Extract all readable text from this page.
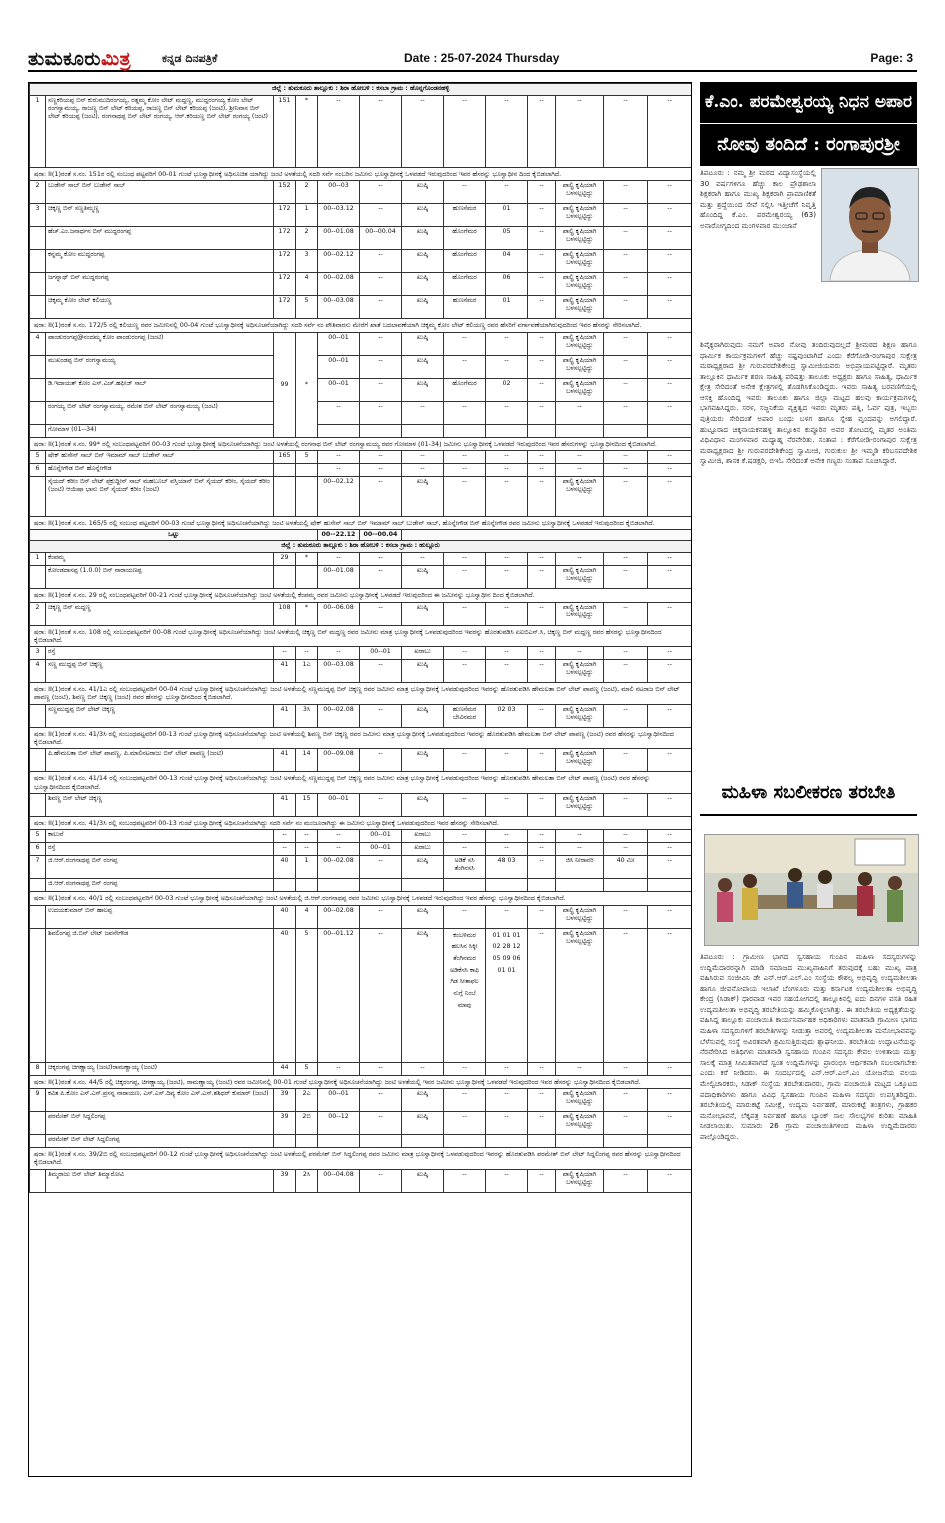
ತುಮಕೂರುಮಿತ್ರ	ಕನ್ನಡ ದಿನಪತ್ರಿಕೆ	Date : 25-07-2024 Thursday	Page: 3
ಜಿಲ್ಲೆ : ತುಮಕೂರು ತಾಲ್ಲೂಕು : ಶಿರಾ ಹೋಬಳಿ : ಕಸಬಾ ಗ್ರಾಮ : ಹೊನ್ನಗೊಂಡನಹಳ್ಳಿ												
1	ಸಣ್ಣಕರಿಯಪ್ಪ ಬಿನ್ ಕುರುಮುದಿರಂಗಯ್ಯ, ರತ್ನಮ್ಮ ಕೋಂ ಲೇಟ್ ಮದ್ದಣ್ಣ, ಮುದ್ದರಂಗಯ್ಯ ಕೋಂ ಲೇಟ್ ರಂಗಸ್ವಾಮಯ್ಯ, ರಾಜಣ್ಣ ಬಿನ್ ಲೇಟ್ ಕರಿಯಪ್ಪ, ರಾಜಣ್ಣ ಬಿನ್ ಲೇಟ್ ಕರಿಯಪ್ಪ (ಜಂಟಿ), ಶ್ರೀನಿವಾಸ ಬಿನ್ ಲೇಟ್ ಕರಿಯಪ್ಪ (ಜಂಟಿ), ರಂಗನಾಥಪ್ಪ ಬಿನ್ ಲೇಟ್ ರಂಗಯ್ಯ, ಆರ್.ಕರಿಯಣ್ಣ ಬಿನ್ ಲೇಟ್ ರಂಗಯ್ಯ (ಜಂಟಿ)	151	*	--	--	--	--	--	--	--	--	--
ಷರಾ: II(1)ರಂತೆ ಸ.ನಂ. 151ರ ರಲ್ಲಿ ಸಂಬಂಧ ಪಟ್ಟವರಿಗೆ 00-01 ಗುಂಟೆ ಭೂಸ್ವಾಧೀನಕ್ಕೆ ಅಧಿಸೂಚಿತ ಯಾಗಿದ್ದು ಜಂಟಿ ಅಳತೆಯಲ್ಲಿ ಸದರಿ ಸರ್ವೆ ನಂಬರಿನ ಜಮೀನು ಭೂಸ್ವಾಧೀನಕ್ಕೆ ಒಳಪಡದೆ ಇರುವುದರಿಂದ ಇವರ ಹೆಸರನ್ನು ಭೂಸ್ವಾಧೀನ ದಿಂದ ಕೈಬಿಡಲಾಗಿದೆ.												
2	ಬುಡೇನ್ ಸಾಬ್ ಬಿನ್ ಬುಡೇನ್ ಸಾಬ್	152	2	00--03	--	ಖುಷ್ಕಿ	--	--	--	ಪಾಲ್ಪ್ರಿ ಕೃಷಿಯಾಗಿ ಬಳಸಲ್ಪಟ್ಟಿದ್ದು	--	--
3	ಚಿಕ್ಕಣ್ಣ ಬಿನ್ ಸಣ್ಣತಿಮ್ಮಣ್ಣ	172	1	00--03.12	--	ಖುಷ್ಕಿ	ಹುಣಸೆಮರ	01	--	ಪಾಲ್ಪ್ರಿ ಕೃಷಿಯಾಗಿ ಬಳಸಲ್ಪಟ್ಟಿದ್ದು	--	--
	ಹೆಚ್.ಎಂ.ಜನಾರ್ಧನ ಬಿನ್ ಮುದ್ದರಂಗಪ್ಪ	172	2	00--01.08	00--00.04	ಖುಷ್ಕಿ	ಹೊಂಗೆಮರ	05	--	ಪಾಲ್ಪ್ರಿ ಕೃಷಿಯಾಗಿ ಬಳಸಲ್ಪಟ್ಟಿದ್ದು	--	--
	ಕನ್ನಮ್ಮ ಕೋಂ ಮುದ್ದರಂಗಪ್ಪ	172	3	00--02.12	--	ಖುಷ್ಕಿ	ಹೊಂಗೆಮರ	04	--	ಪಾಲ್ಪ್ರಿ ಕೃಷಿಯಾಗಿ ಬಳಸಲ್ಪಟ್ಟಿದ್ದು	--	--
	ಜಗನ್ನಾಥ್ ಬಿನ್ ಮುದ್ದರಂಗಪ್ಪ	172	4	00--02.08	--	ಖುಷ್ಕಿ	ಹೊಂಗೆಮರ	06	--	ಪಾಲ್ಪ್ರಿ ಕೃಷಿಯಾಗಿ ಬಳಸಲ್ಪಟ್ಟಿದ್ದು	--	--
	ಚಿಕ್ಕಮ್ಮ ಕೋಂ ಲೇಟ್ ಕಲಿಯಣ್ಣ	172	5	00--03.08	--	ಖುಷ್ಕಿ	ಹುಣಸೆಮರ	01	--	ಪಾಲ್ಪ್ರಿ ಕೃಷಿಯಾಗಿ ಬಳಸಲ್ಪಟ್ಟಿದ್ದು	--	--
ಷರಾ: II(1)ರಂತೆ ಸ.ನಂ. 172/5 ರಲ್ಲಿ ಕಲಿಯಣ್ಣ ರವರ ಜಮೀನಿನಲ್ಲಿ 00-04 ಗುಂಟೆ ಭೂಸ್ವಾಧೀನಕ್ಕೆ ಅಧಿಸೂಚನೆಯಾಗಿದ್ದು ಸದರಿ ಸರ್ವೆ ನಂ ಪೌತಿವಾರಸು ಮೇರೆಗೆ ಖಾತೆ ಬದಲಾವಣೆಯಾಗಿ ಚಿಕ್ಕಮ್ಮ ಕೋಂ ಲೇಟ್ ಕಲಿಯಣ್ಣ ರವರ ಹೆಸರಿಗೆ ವರ್ಗಾವಣೆಯಾಗಿರುವುದರಿಂದ ಇವರ ಹೆಸರನ್ನು ಸೇರಿಸಲಾಗಿದೆ.												
4	ಪಾಂಡುರಂಗಪ್ಪ@ನಂದಮ್ಮ ಕೋಂ ಪಾಂಡುರಂಗಪ್ಪ (ಜಂಟಿ)	99	*	00--01	--	ಖುಷ್ಕಿ	--	--	--	ಪಾಲ್ಪ್ರಿ ಕೃಷಿಯಾಗಿ ಬಳಸಲ್ಪಟ್ಟಿದ್ದು	--	--
	ಮುಖಂಡಪ್ಪ ಬಿನ್ ರಂಗಸ್ವಾಮಯ್ಯ			00--01	--	ಖುಷ್ಕಿ	--	--	--	ಪಾಲ್ಪ್ರಿ ಕೃಷಿಯಾಗಿ ಬಳಸಲ್ಪಟ್ಟಿದ್ದು	--	--
	ಡಿ.ಇದಾಯತ್ ಕೋಂ ಎಸ್.ಎಚ್.ಹಫೀಜ್ ಸಾಬ್			00--01	--	ಖುಷ್ಕಿ	ಹೊಂಗೆಮರ	02	--	ಪಾಲ್ಪ್ರಿ ಕೃಷಿಯಾಗಿ ಬಳಸಲ್ಪಟ್ಟಿದ್ದು	--	--
	ರಂಗಯ್ಯ ಬಿನ್ ಲೇಟ್ ರಂಗಸ್ವಾಮಯ್ಯ, ರಮೇಶ ಬಿನ್ ಲೇಟ್ ರಂಗಸ್ವಾಮಯ್ಯ (ಜಂಟಿ)			--	--	--	--	--	--	--	--	--
	ಗೋಮಾಳ (01--34)											
ಷರಾ: II(1)ರಂತೆ ಸ.ನಂ. 99* ರಲ್ಲಿ ಸಂಬಂಧಪಟ್ಟವರಿಗೆ 00-03 ಗುಂಟೆ ಭೂಸ್ವಾಧೀನಕ್ಕೆ ಅಧಿಸೂಚನೆಯಾಗಿದ್ದು ಜಂಟಿ ಅಳತೆಯಲ್ಲಿ ರಂಗನಾಥ ಬಿನ್ ಲೇಟ್ ರಂಗಸ್ವಾಮಯ್ಯ ರವರ ಗೋಮಾಳ (01-34) ಜಮೀನು ಭೂಸ್ವಾಧೀನಕ್ಕೆ ಒಳಪಡದೆ ಇರುವುದರಿಂದ ಇವರ ಹೆಸರುಗಳನ್ನು ಭೂಸ್ವಾಧೀನದಿಂದ ಕೈಬಿಡಲಾಗಿದೆ.												
5	ಷೇಕ್ ಹುಸೇನ್ ಸಾಬ್ ಬಿನ್ ಇಮಾಮ್ ಸಾಬ್ ಬುಡೇನ್ ಸಾಬ್	165	5	--	--	--	--	--	--	--	--	--
6	ಹೊನ್ನೇಗೌಡ ಬಿನ್ ಹೊನ್ನೇಗೌಡ			--	--	--	--	--	--	--	--	--
	ಸೈಯದ್ ಕರೀಂ ಬಿನ್ ಲೇಟ್ ಫಕ್ರುದ್ದೀನ್ ಸಾಬ್ ಮಹಬೂಬ್ ವಸ್ತಿಯಾನ್ ಬಿನ್ ಸೈಯದ್ ಕರೀಂ, ಸೈಯದ್ ಕರೀಂ (ಜಂಟಿ) ಆಯಿಷಾ ಭಾನು ಬಿನ್ ಸೈಯದ್ ಕರೀಂ (ಜಂಟಿ)			00--02.12	--	ಖುಷ್ಕಿ	--	--	--	ಪಾಲ್ಪ್ರಿ ಕೃಷಿಯಾಗಿ ಬಳಸಲ್ಪಟ್ಟಿದ್ದು	--	--
ಷರಾ: II(1)ರಂತೆ ಸ.ನಂ. 165/5 ರಲ್ಲಿ ಸಂಬಂಧ ಪಟ್ಟವರಿಗೆ 00-03 ಗುಂಟೆ ಭೂಸ್ವಾಧೀನಕ್ಕೆ ಅಧಿಸೂಚನೆಯಾಗಿದ್ದು ಜಂಟಿ ಅಳತೆಯಲ್ಲಿ ಷೇಕ್ ಹುಸೇನ್ ಸಾಬ್ ಬಿನ್ ಇಮಾಮ್ ಸಾಬ್ ಬುಡೇನ್ ಸಾಬ್, ಹೊನ್ನೇಗೌಡ ಬಿನ್ ಹೊನ್ನೇಗೌಡ ರವರ ಜಮೀನು ಭೂಸ್ವಾಧೀನಕ್ಕೆ ಒಳಪಡದೆ ಇರುವುದರಿಂದ ಕೈಬಿಡಲಾಗಿದೆ.												
ಒಟ್ಟು				00--22.12	00--00.04							
ಜಿಲ್ಲೆ : ತುಮಕೂರು ತಾಲ್ಲೂಕು : ಶಿರಾ ಹೋಬಳಿ : ಕಸಬಾ ಗ್ರಾಮ : ಹುಲ್ಲೂರು												
1	ಕೆಂಪಮ್ಮ	29	*	--	--	--	--	--	--	--	--	--
	ಕೋಂಡದಾಸಪ್ಪ (1.0.0) ಬಿನ್ ನಾರಾಯಣಪ್ಪ			00--01.08	--	ಖುಷ್ಕಿ	--	--	--	ಪಾಲ್ಪ್ರಿ ಕೃಷಿಯಾಗಿ ಬಳಸಲ್ಪಟ್ಟಿದ್ದು	--	--
ಷರಾ: II(1)ರಂತೆ ಸ.ನಂ. 29 ರಲ್ಲಿ ಸಂಬಂಧಪಟ್ಟವರಿಗೆ 00-21 ಗುಂಟೆ ಭೂಸ್ವಾಧೀನಕ್ಕೆ ಅಧಿಸೂಚನೆಯಾಗಿದ್ದು ಜಂಟಿ ಅಳತೆಯಲ್ಲಿ ಕೆಂಪಮ್ಮ ರವರ ಜಮೀನು ಭೂಸ್ವಾಧೀನಕ್ಕೆ ಒಳಪಡದೆ ಇರುವುದರಿಂದ ಈ ಜಮೀನನ್ನು ಭೂಸ್ವಾಧೀನ ದಿಂದ ಕೈಬಿಡಲಾಗಿದೆ.												
2	ಚಿಕ್ಕಣ್ಣ ಬಿನ್ ಮದ್ದಣ್ಣ	108	*	00--06.08	--	ಖುಷ್ಕಿ	--	--	--	ಪಾಲ್ಪ್ರಿ ಕೃಷಿಯಾಗಿ ಬಳಸಲ್ಪಟ್ಟಿದ್ದು	--	--
ಷರಾ: II(1)ರಂತೆ ಸ.ನಂ. 108 ರಲ್ಲಿ ಸಂಬಂಧಪಟ್ಟವರಿಗೆ 00-08 ಗುಂಟೆ ಭೂಸ್ವಾಧೀನಕ್ಕೆ ಅಧಿಸೂಚನೆಯಾಗಿದ್ದು ಜಂಟಿ ಅಳತೆಯಲ್ಲಿ ಚಿಕ್ಕಣ್ಣ ಬಿನ್ ಮದ್ದಣ್ಣ ರವರ ಜಮೀನು ಮಾತ್ರ ಭೂಸ್ವಾಧೀನಕ್ಕೆ ಒಳಪಡುವುದರಿಂದ ಇವರನ್ನು ಹೊರತುಪಡಿಸಿ ಏಐಬಿಎಸ್.ಸಿ, ಚಿಕ್ಕಣ್ಣ ಬಿನ್ ಮದ್ದಣ್ಣ ರವರ ಹೆಸರನ್ನು ಭೂಸ್ವಾಧೀನದಿಂದ ಕೈಬಿಡಲಾಗಿದೆ.												
3	ರಸ್ತೆ	--	--	--	00--01	ಖರಾಬು	--	--	--	--	--	--
4	ಸಣ್ಣ ಮುದ್ದಪ್ಪ ಬಿನ್ ಚಿಕ್ಕಣ್ಣ	41	1ಎ	00--03.08	--	ಖುಷ್ಕಿ	--	--	--	ಪಾಲ್ಪ್ರಿ ಕೃಷಿಯಾಗಿ ಬಳಸಲ್ಪಟ್ಟಿದ್ದು	--	--
ಷರಾ: II(1)ರಂತೆ ಸ.ನಂ. 41/1ಎ ರಲ್ಲಿ ಸಂಬಂಧಪಟ್ಟವರಿಗೆ 00-04 ಗುಂಟೆ ಭೂಸ್ವಾಧೀನಕ್ಕೆ ಅಧಿಸೂಚನೆಯಾಗಿದ್ದು ಜಂಟಿ ಅಳತೆಯಲ್ಲಿ ಸಣ್ಣಮುದ್ದಪ್ಪ ಬಿನ್ ಚಿಕ್ಕಣ್ಣ ರವರ ಜಮೀನು ಮಾತ್ರ ಭೂಸ್ವಾಧೀನಕ್ಕೆ ಒಳಪಡುವುದರಿಂದ ಇವರನ್ನು ಹೊರತುಪಡಿಸಿ ಹೇಮಲತಾ ಬಿನ್ ಲೇಟ್ ಪಾಪಣ್ಣ (ಜಂಟಿ), ಮಾಲಿ ನಟರಾಜ ಬಿನ್ ಲೇಟ್ ಪಾಪಣ್ಣ (ಜಂಟಿ), ಶಿವಣ್ಣ ಬಿನ್ ಚಿಕ್ಕಣ್ಣ (ಜಂಟಿ) ರವರ ಹೆಸರನ್ನು ಭೂಸ್ವಾಧೀನದಿಂದ ಕೈಬಿಡಲಾಗಿದೆ.												
	ಸಣ್ಣಮುದ್ದಪ್ಪ ಬಿನ್ ಲೇಟ್ ಚಿಕ್ಕಣ್ಣ	41	3ಸಿ	00--02.08	--	ಖುಷ್ಕಿ	ಹುಣಸೆಮರ ಬೇವಿನಮರ	02 03	--	ಪಾಲ್ಪ್ರಿ ಕೃಷಿಯಾಗಿ ಬಳಸಲ್ಪಟ್ಟಿದ್ದು	--	--
ಷರಾ: II(1)ರಂತೆ ಸ.ನಂ. 41/3ಸಿ ರಲ್ಲಿ ಸಂಬಂಧಪಟ್ಟವರಿಗೆ 00-13 ಗುಂಟೆ ಭೂಸ್ವಾಧೀನಕ್ಕೆ ಅಧಿಸೂಚನೆಯಾಗಿದ್ದು ಜಂಟಿ ಅಳತೆಯಲ್ಲಿ ಶಿವಣ್ಣ ಬಿನ್ ಚಿಕ್ಕಣ್ಣ ರವರ ಜಮೀನು ಮಾತ್ರ ಭೂಸ್ವಾಧೀನಕ್ಕೆ ಒಳಪಡುವುದರಿಂದ ಇವರನ್ನು ಹೊರತುಪಡಿಸಿ ಹೇಮಲತಾ ಬಿನ್ ಲೇಟ್ ಪಾಪಣ್ಣ (ಜಂಟಿ) ರವರ ಹೆಸರನ್ನು ಭೂಸ್ವಾಧೀನದಿಂದ ಕೈಬಿಡಲಾಗಿದೆ.												
	ಪಿ.ಹೇಮಲತಾ ಬಿನ್ ಲೇಟ್ ಪಾಪಣ್ಣ, ಪಿ.ಮಾಲಿನಟರಾಜು ಬಿನ್ ಲೇಟ್ ಪಾಪಣ್ಣ (ಜಂಟಿ)	41	14	00--09.08	--	ಖುಷ್ಕಿ	--	--	--	ಪಾಲ್ಪ್ರಿ ಕೃಷಿಯಾಗಿ ಬಳಸಲ್ಪಟ್ಟಿದ್ದು	--	--
ಷರಾ: II(1)ರಂತೆ ಸ.ನಂ. 41/14 ರಲ್ಲಿ ಸಂಬಂಧಪಟ್ಟವರಿಗೆ 00-13 ಗುಂಟೆ ಭೂಸ್ವಾಧೀನಕ್ಕೆ ಅಧಿಸೂಚನೆಯಾಗಿದ್ದು ಜಂಟಿ ಅಳತೆಯಲ್ಲಿ ಸಣ್ಣಮುದ್ದಪ್ಪ ಬಿನ್ ಚಿಕ್ಕಣ್ಣ ರವರ ಜಮೀನು ಮಾತ್ರ ಭೂಸ್ವಾಧೀನಕ್ಕೆ ಒಳಪಡುವುದರಿಂದ ಇವರನ್ನು ಹೊರತುಪಡಿಸಿ ಹೇಮಲತಾ ಬಿನ್ ಲೇಟ್ ಪಾಪಣ್ಣ (ಜಂಟಿ) ರವರ ಹೆಸರನ್ನು ಭೂಸ್ವಾಧೀನದಿಂದ ಕೈಬಿಡಲಾಗಿದೆ.												
	ಶಿವಣ್ಣ ಬಿನ್ ಲೇಟ್ ಚಿಕ್ಕಣ್ಣ	41	15	00--01	--	ಖುಷ್ಕಿ	--	--	--	ಪಾಲ್ಪ್ರಿ ಕೃಷಿಯಾಗಿ ಬಳಸಲ್ಪಟ್ಟಿದ್ದು	--	--
ಷರಾ: II(1)ರಂತೆ ಸ.ನಂ. 41/3ಸಿ ರಲ್ಲಿ ಸಂಬಂಧಪಟ್ಟವರಿಗೆ 00-13 ಗುಂಟೆ ಭೂಸ್ವಾಧೀನಕ್ಕೆ ಅಧಿಸೂಚನೆಯಾಗಿದ್ದು ಸದರಿ ಸರ್ವೆ ನಂ ಮಂಜೂರಾಗಿದ್ದು ಈ ಜಮೀನು ಭೂಸ್ವಾಧೀನಕ್ಕೆ ಒಳಪಡುವುದರಿಂದ ಇವರ ಹೆಸರನ್ನು ಸೇರಿಸಲಾಗಿದೆ.												
5	ಕಾಲುವೆ	--	--	--	00--01	ಖರಾಬು	--	--	--	--	--	--
6	ರಸ್ತೆ	--	--	--	00--01	ಖರಾಬು	--	--	--	--	--	--
7	ಜಿ.ಆರ್.ರಂಗನಾಥಪ್ಪ ಬಿನ್ ರಂಗಪ್ಪ	40	1	00--02.08	--	ಖುಷ್ಕಿ	ಅಡಿಕೆ ಸಸಿ ತೆಂಗಿನಸಸಿ	48 03	--	ಜಿಸಿ ನೀರಾವರಿ	40 ಮೀ	--
	ಜಿ.ಆರ್.ರಂಗನಾಥಪ್ಪ ಬಿನ್ ರಂಗಪ್ಪ											
ಷರಾ: II(1)ರಂತೆ ಸ.ನಂ. 40/1 ರಲ್ಲಿ ಸಂಬಂಧಪಟ್ಟವರಿಗೆ 00-03 ಗುಂಟೆ ಭೂಸ್ವಾಧೀನಕ್ಕೆ ಅಧಿಸೂಚನೆಯಾಗಿದ್ದು ಜಂಟಿ ಅಳತೆಯಲ್ಲಿ ಜಿ.ಆರ್.ರಂಗನಾಥಪ್ಪ ರವರ ಜಮೀನು ಭೂಸ್ವಾಧೀನಕ್ಕೆ ಒಳಪಡದೆ ಇರುವುದರಿಂದ ಇವರ ಹೆಸರನ್ನು ಭೂಸ್ವಾಧೀನದಿಂದ ಕೈಬಿಡಲಾಗಿದೆ.												
	ಉದಯಕುಮಾರ್ ಬಿನ್ ಹಾಲಪ್ಪ	40	4	00--02.08	--	ಖುಷ್ಕಿ	--	--	--	ಪಾಲ್ಪ್ರಿ ಕೃಷಿಯಾಗಿ ಬಳಸಲ್ಪಟ್ಟಿದ್ದು	--	--
	ಶಿವಲಿಂಗಪ್ಪ ಜಿ.ಬಿನ್ ಲೇಟ್ ಜವನೇಗೌಡ	40	5	00--01.12	--	ಖುಷ್ಕಿ	ಕಂಬಳಿಮರ ಹಲಸಿನ ಸಿಕ್ಕೀ ತೆಂಗಿನಮರ ಅಡಿಕೆಸಸಿ ಕಾಫಿ ಗಿಡ ಸೀತಾಫಲ ನುಗ್ಗೆ ನಿಂಬೆ ಮಾವು	01 01 01 02 28 12 05 09 06 01 01	--	ಪಾಲ್ಪ್ರಿ ಕೃಷಿಯಾಗಿ ಬಳಸಲ್ಪಟ್ಟಿದ್ದು	--	--
8	ಚಿಕ್ಕರಂಗಪ್ಪ ಚಿಗಣ್ಣಾಯ್ಯ (ಜಂಟಿ)ರಾಮಣ್ಣಾಯ್ಯ (ಜಂಟಿ)	44	5	--	--	--	--	--	--	--	--	--
ಷರಾ: II(1)ರಂತೆ ಸ.ನಂ. 44/5 ರಲ್ಲಿ ಚಿಕ್ಕರಂಗಪ್ಪ, ಚಿಗಣ್ಣಾಯ್ಯ (ಜಂಟಿ), ರಾಮಣ್ಣಾಯ್ಯ (ಜಂಟಿ) ರವರ ಜಮೀನಿನಲ್ಲಿ 00-01 ಗುಂಟೆ ಭೂಸ್ವಾಧೀನಕ್ಕೆ ಅಧಿಸೂಚನೆಯಾಗಿದ್ದು ಜಂಟಿ ಅಳತೆಯಲ್ಲಿ ಇವರ ಜಮೀನು ಭೂಸ್ವಾಧೀನಕ್ಕೆ ಒಳಪಡದೆ ಇರುವುದರಿಂದ ಇವರ ಹೆಸರನ್ನು ಭೂಸ್ವಾಧೀನದಿಂದ ಕೈಬಿಡಲಾಗಿದೆ.												
9	ಕವಿತ ಪಿ.ಕೋಂ ಎಸ್.ಎಸ್.ಪ್ರಸನ್ನ ನಾರಾಯಣ, ಎಸ್.ಎಸ್.ದಿವ್ಯ ಕೋಂ ಎಸ್.ಎಸ್.ಶಶಿಧರ್ ಕುಮಾರ್ (ಜಂಟಿ)	39	2ಎ	00--01	--	ಖುಷ್ಕಿ	--	--	--	ಪಾಲ್ಪ್ರಿ ಕೃಷಿಯಾಗಿ ಬಳಸಲ್ಪಟ್ಟಿದ್ದು	--	--
	ಪರಮೇಶ್ ಬಿನ್ ಸಿದ್ದಲಿಂಗಪ್ಪ	39	2ಬಿ	00--12	--	ಖುಷ್ಕಿ	--	--	--	ಪಾಲ್ಪ್ರಿ ಕೃಷಿಯಾಗಿ ಬಳಸಲ್ಪಟ್ಟಿದ್ದು	--	--
	ಪರಮೇಶ್ ಬಿನ್ ಲೇಟ್ ಸಿದ್ದಲಿಂಗಪ್ಪ											
ಷರಾ: II(1)ರಂತೆ ಸ.ನಂ. 39/2ಬಿ ರಲ್ಲಿ ಸಂಬಂಧಪಟ್ಟವರಿಗೆ 00-12 ಗುಂಟೆ ಭೂಸ್ವಾಧೀನಕ್ಕೆ ಅಧಿಸೂಚನೆಯಾಗಿದ್ದು ಜಂಟಿ ಅಳತೆಯಲ್ಲಿ ಪರಮೇಶ್ ಬಿನ್ ಸಿದ್ದಲಿಂಗಪ್ಪ ರವರ ಜಮೀನು ಮಾತ್ರ ಭೂಸ್ವಾಧೀನಕ್ಕೆ ಒಳಪಡುವುದರಿಂದ ಇವರನ್ನು ಹೊರತುಪಡಿಸಿ ಪರಮೇಶ್ ಬಿನ್ ಲೇಟ್ ಸಿದ್ದಲಿಂಗಪ್ಪ ರವರ ಹೆಸರನ್ನು ಭೂಸ್ವಾಧೀನದಿಂದ ಕೈಬಿಡಲಾಗಿದೆ.												
	ತಿಮ್ಮರಾಜು ಬಿನ್ ಲೇಟ್ ತಿಮ್ಮಾರೋವಿ	39	2ಸಿ	00--04.08	--	ಖುಷ್ಕಿ	--	--	--	ಪಾಲ್ಪ್ರಿ ಕೃಷಿಯಾಗಿ ಬಳಸಲ್ಪಟ್ಟಿದ್ದು	--	--
ಕೆ.ಎಂ. ಪರಮೇಶ್ವರಯ್ಯ ನಿಧನ ಅಪಾರ
ನೋವು ತಂದಿದೆ : ರಂಗಾಪುರಶ್ರೀ
ತಿಪಟೂರು : ನಮ್ಮ ಶ್ರೀ ಮಠದ ವಿದ್ಯಾಸಂಸ್ಥೆಯಲ್ಲಿ 30 ವರ್ಷಗಳಿಗೂ ಹೆಚ್ಚು ಕಾಲ ಪ್ರೌಢಶಾಲಾ ಶಿಕ್ಷಕರಾಗಿ ಹಾಗೂ ಮುಖ್ಯ ಶಿಕ್ಷಕರಾಗಿ ಪ್ರಾಮಾಣಿಕತೆ ಮತ್ತು ಶ್ರದ್ಧೆಯಿಂದ ಸೇವೆ ಸಲ್ಲಿಸಿ ಇತ್ತೀಚೆಗೆ ನಿವೃತ್ತಿ ಹೊಂದಿದ್ದ ಕೆ.ಎಂ. ಪರಮೇಶ್ವರಯ್ಯ (63) ಅನಾರೋಗ್ಯದಿಂದ ಮಂಗಳವಾರ ಮುಂಜಾನೆ
ಶಿವೈಕ್ಯರಾಗಿರುವುದು ನಮಗೆ ಅಪಾರ ನೋವು ತಂದಿರುವುದಲ್ಲದೆ ಶ್ರೀಮಠದ ಶಿಕ್ಷಣ ಹಾಗೂ ಧಾರ್ಮಿಕ ಕಾರ್ಯಕ್ರಮಗಳಿಗೆ ಹೆಚ್ಚು ನಷ್ಟವುಂಟಾಗಿದೆ ಎಂದು ಕೆರೆಗೋಡಿ-ರಂಗಾಪುರ ಸುಕ್ಷೇತ್ರ ಮಠಾಧ್ಯಕ್ಷರಾದ ಶ್ರೀ ಗುರುಪರದೇಶಿಕೇಂದ್ರ ಸ್ವಾಮೀಜಿಯವರು ಅಭಿಪ್ರಾಯಪಟ್ಟಿದ್ದಾರೆ. ಮೃತರು ತಾಲ್ಲೂಕಿನ ಧಾರ್ಮಿಕ ಶರಣ ಸಾಹಿತ್ಯ ಪರಿಷತ್ತು ತಾಲೂಕು ಅಧ್ಯಕ್ಷರು ಹಾಗೂ ಸಾಹಿತ್ಯ, ಧಾರ್ಮಿಕ ಕ್ಷೇತ್ರ ಸೇರಿದಂತೆ ಅನೇಕ ಕ್ಷೇತ್ರಗಳಲ್ಲಿ ತೊಡಗಿಸಿಕೊಂಡಿದ್ದರು. ಇವರು ಸಾಹಿತ್ಯ ಬರವಣಿಗೆಯಲ್ಲಿ ಆಸಕ್ತಿ ಹೊಂದಿದ್ದ ಇವರು ತಾಲೂಕು ಹಾಗೂ ಜಿಲ್ಲಾ ಮಟ್ಟದ ಹಲವು ಕಾರ್ಯಕ್ರಮಗಳಲ್ಲಿ ಭಾಗವಹಿಸಿದ್ದರು. ಸರಳ, ಸಜ್ಜನಿಕೆಯ ವ್ಯಕ್ತಿತ್ವದ ಇವರು ಮೃತರು ಪತ್ನಿ, ಓರ್ವ ಪುತ್ರ, ಇಬ್ಬರು ಪುತ್ರಿಯರು ಸೇರಿದಂತೆ ಅಪಾರ ಬಂಧು ಬಳಗ ಹಾಗೂ ಸ್ನೇಹ ವೃಂದವನ್ನು ಅಗಲಿದ್ದಾರೆ. ಹುಟ್ಟೂರಾದ ಚಿಕ್ಕನಾಯಕನಹಳ್ಳಿ ತಾಲ್ಲೂಕಿನ ಕುಪ್ಪೂರಿನ ಅವರ ತೋಟದಲ್ಲಿ ಮೃತರ ಅಂತಿಮ ವಿಧಿವಿಧಾನ ಮಂಗಳವಾರ ಮಧ್ಯಾಹ್ನ ನೆರವೇರಿತು. ಸಂತಾಪ : ಕೆರೆಗೋಡಿ-ರಂಗಾಪುರ ಸುಕ್ಷೇತ್ರ ಮಠಾಧ್ಯಕ್ಷರಾದ ಶ್ರೀ ಗುರುಪರದೇಶಿಕೇಂದ್ರ ಸ್ವಾಮೀಜಿ, ಗುರುಕುಲ ಶ್ರೀ ಇಮ್ಮಡಿ ಕರಿಬಸವದೇಶಿಕ ಸ್ವಾಮೀಜಿ, ಶಾಸಕ ಕೆ.ಷಡಕ್ಷರಿ, ಬಿಇಓ ಸೇರಿದಂತೆ ಅನೇಕ ಗಣ್ಯರು ಸಂತಾಪ ಸೂಚಿಸಿದ್ದಾರೆ.
ಮಹಿಳಾ ಸಬಲೀಕರಣ ತರಬೇತಿ
ತಿಪಟೂರು : ಗ್ರಾಮೀಣ ಭಾಗದ ಸ್ವಸಹಾಯ ಗುಂಪಿನ ಮಹಿಳಾ ಸದಸ್ಯರುಗಳನ್ನು ಉದ್ದಿಮೆದಾರರನ್ನಾಗಿ ಮಾಡಿ ಸಮಾಜದ ಮುಖ್ಯವಾಹಿನಿಗೆ ತರುವುದಕ್ಕೆ ಬಹು ಮುಖ್ಯ ಪಾತ್ರ ವಹಿಸಿರುವ ಸಂಜೀವಿನಿ ಡೇ ಎನ್.ಆರ್.ಎಲ್.ಎಂ ಸಂಸ್ಥೆಯ ಕೌಶಲ್ಯ ಅಭಿವೃದ್ಧಿ ಉದ್ಯಮಶೀಲತಾ ಹಾಗೂ ಜೀವನೋಪಾಯ ಇಲಾಖೆ ಬೆಂಗಳೂರು ಮತ್ತು ಕರ್ನಾಟಕ ಉದ್ಯಮಶೀಲತಾ ಅಭಿವೃದ್ಧಿ ಕೇಂದ್ರ (ಸಿಡಾಕ್) ಧಾರವಾಡ ಇವರ ಸಹಯೋಗದಲ್ಲಿ ತಾಲ್ಲೂಕಿನಲ್ಲಿ ಐದು ದಿನಗಳ ವಸತಿ ರಹಿತ ಉದ್ಯಮಶೀಲತಾ ಅಭಿವೃದ್ಧಿ ತರಬೇತಿಯನ್ನು ಹಮ್ಮಿಕೊಳ್ಳಲಾಗಿತ್ತು. ಈ ತರಬೇತಿಯ ಅಧ್ಯಕ್ಷತೆಯನ್ನು ವಹಿಸಿದ್ದ ತಾಲ್ಲೂಕು ಪಂಚಾಯಿತಿ ಕಾರ್ಯನಿರ್ವಾಹಕ ಅಧಿಕಾರಿಗಳು ಮಾತನಾಡಿ ಗ್ರಾಮೀಣ ಭಾಗದ ಮಹಿಳಾ ಸದಸ್ಯರುಗಳಿಗೆ ತರಬೇತಿಗಳನ್ನು ನೀಡುತ್ತಾ ಅವರಲ್ಲಿ ಉದ್ಯಮಶೀಲತಾ ಮನೋಭಾವವನ್ನು ಬೆಳೆಸುವಲ್ಲಿ ಸಂಸ್ಥೆ ಅವಿರತವಾಗಿ ಶ್ರಮಿಸುತ್ತಿರುವುದು ಶ್ಲಾಘನೀಯ. ತರಬೇತಿಯ ಉದ್ಘಾಟನೆಯನ್ನು ನೆರವೇರಿಸಿದ ಅತಿಥಿಗಳು ಮಾತನಾಡಿ ಸ್ವಸಹಾಯ ಗುಂಪಿನ ಸದಸ್ಯರು ಕೇವಲ ಉಳಿತಾಯ ಮತ್ತು ಸಾಲಕ್ಕೆ ಮಾತ್ರ ಸೀಮಿತವಾಗದೆ ಸ್ವಂತ ಉದ್ದಿಮೆಗಳನ್ನು ಪ್ರಾರಂಭಿಸಿ ಆರ್ಥಿಕವಾಗಿ ಸಬಲರಾಗಬೇಕು ಎಂದು ಕರೆ ನೀಡಿದರು. ಈ ಸಂದರ್ಭದಲ್ಲಿ ಎನ್.ಆರ್.ಎಲ್.ಎಂ ಯೋಜನೆಯ ವಲಯ ಮೇಲ್ವಿಚಾರಕರು, ಸಿಡಾಕ್ ಸಂಸ್ಥೆಯ ತರಬೇತುದಾರರು, ಗ್ರಾಮ ಪಂಚಾಯಿತಿ ಮಟ್ಟದ ಒಕ್ಕೂಟದ ಪದಾಧಿಕಾರಿಗಳು ಹಾಗೂ ವಿವಿಧ ಸ್ವಸಹಾಯ ಗುಂಪಿನ ಮಹಿಳಾ ಸದಸ್ಯರು ಉಪಸ್ಥಿತರಿದ್ದರು. ತರಬೇತಿಯಲ್ಲಿ ಮಾರುಕಟ್ಟೆ ಸಮೀಕ್ಷೆ, ಉದ್ಯಮ ನಿರ್ವಹಣೆ, ಮಾರುಕಟ್ಟೆ ತಂತ್ರಗಳು, ಗ್ರಾಹಕರ ಮನೋಭಾವನೆ, ಲೆಕ್ಕಪತ್ರ ನಿರ್ವಹಣೆ ಹಾಗೂ ಬ್ಯಾಂಕ್ ಸಾಲ ಸೌಲಭ್ಯಗಳ ಕುರಿತು ಮಾಹಿತಿ ನೀಡಲಾಯಿತು. ಸುಮಾರು 26 ಗ್ರಾಮ ಪಂಚಾಯಿತಿಗಳಿಂದ ಮಹಿಳಾ ಉದ್ದಿಮೆದಾರರು ಪಾಲ್ಗೊಂಡಿದ್ದರು.
